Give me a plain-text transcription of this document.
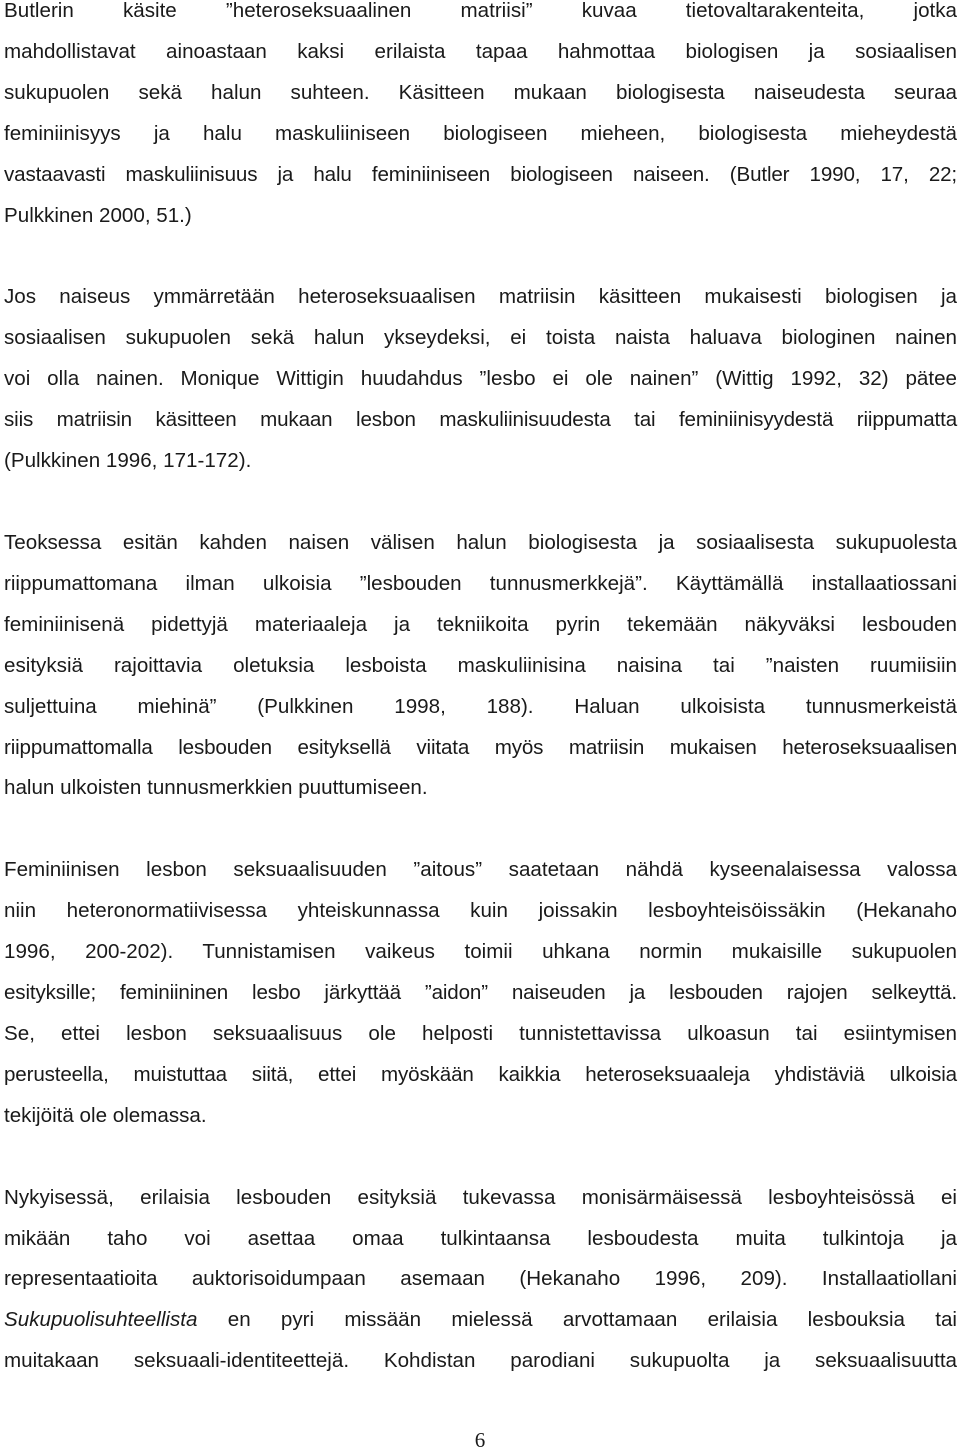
Butlerin käsite ”heteroseksuaalinen matriisi” kuvaa tietovaltarakenteita, jotka
mahdollistavat ainoastaan kaksi erilaista tapaa hahmottaa biologisen ja sosiaalisen
sukupuolen sekä halun suhteen. Käsitteen mukaan biologisesta naiseudesta seuraa
feminiinisyys ja halu maskuliiniseen biologiseen mieheen, biologisesta mieheydestä
vastaavasti maskuliinisuus ja halu feminiiniseen biologiseen naiseen. (Butler 1990, 17, 22;
Pulkkinen 2000, 51.)

Jos naiseus ymmärretään heteroseksuaalisen matriisin käsitteen mukaisesti biologisen ja
sosiaalisen sukupuolen sekä halun ykseydeksi, ei toista naista haluava biologinen nainen
voi olla nainen. Monique Wittigin huudahdus ”lesbo ei ole nainen” (Wittig 1992, 32) pätee
siis matriisin käsitteen mukaan lesbon maskuliinisuudesta tai feminiinisyydestä riippumatta
(Pulkkinen 1996, 171-172).

Teoksessa esitän kahden naisen välisen halun biologisesta ja sosiaalisesta sukupuolesta
riippumattomana ilman ulkoisia ”lesbouden tunnusmerkkejä”. Käyttämällä installaatiossani
feminiinisenä pidettyjä materiaaleja ja tekniikoita pyrin tekemään näkyväksi lesbouden
esityksiä rajoittavia oletuksia lesboista maskuliinisina naisina tai ”naisten ruumiisiin
suljettuina miehinä” (Pulkkinen 1998, 188). Haluan ulkoisista tunnusmerkeistä
riippumattomalla lesbouden esityksellä viitata myös matriisin mukaisen heteroseksuaalisen
halun ulkoisten tunnusmerkkien puuttumiseen.

Feminiinisen lesbon seksuaalisuuden ”aitous” saatetaan nähdä kyseenalaisessa valossa
niin heteronormatiivisessa yhteiskunnassa kuin joissakin lesboyhteisöissäkin (Hekanaho
1996, 200-202). Tunnistamisen vaikeus toimii uhkana normin mukaisille sukupuolen
esityksille; feminiininen lesbo järkyttää ”aidon” naiseuden ja lesbouden rajojen selkeyttä.
Se, ettei lesbon seksuaalisuus ole helposti tunnistettavissa ulkoasun tai esiintymisen
perusteella, muistuttaa siitä, ettei myöskään kaikkia heteroseksuaaleja yhdistäviä ulkoisia
tekijöitä ole olemassa.

Nykyisessä, erilaisia lesbouden esityksiä tukevassa monisärmäisessä lesboyhteisössä ei
mikään taho voi asettaa omaa tulkintaansa lesboudesta muita tulkintoja ja
representaatioita auktorisoidumpaan asemaan (Hekanaho 1996, 209). Installaatiollani
Sukupuolisuhteellista en pyri missään mielessä arvottamaan erilaisia lesbouksia tai
muitakaan seksuaali-identiteettejä. Kohdistan parodiani sukupuolta ja seksuaalisuutta

6
